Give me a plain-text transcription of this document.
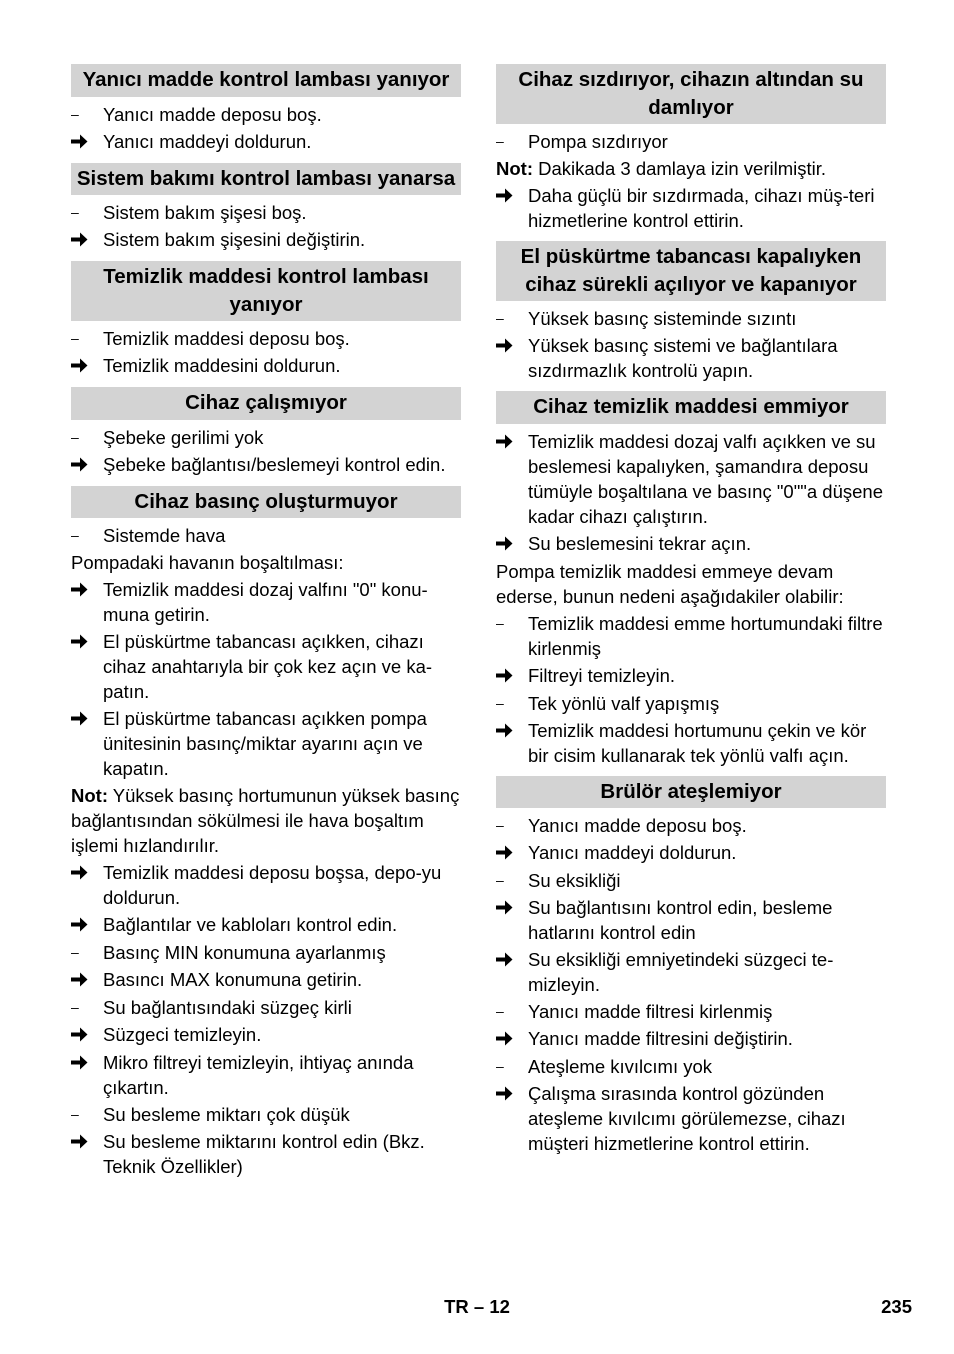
Yanıcı madde kontrol lambası yanıyor
–	Yanıcı madde deposu boş.
Yanıcı maddeyi doldurun.
Sistem bakımı kontrol lambası yanarsa
–	Sistem bakım şişesi boş.
Sistem bakım şişesini değiştirin.
Temizlik maddesi kontrol lambası yanıyor
–	Temizlik maddesi deposu boş.
Temizlik maddesini doldurun.
Cihaz çalışmıyor
–	Şebeke gerilimi yok
Şebeke bağlantısı/beslemeyi kontrol edin.
Cihaz basınç oluşturmuyor
–	Sistemde hava
Pompadaki havanın boşaltılması:
Temizlik maddesi dozaj valfını "0" konu-muna getirin.
El püskürtme tabancası açıkken, cihazı cihaz anahtarıyla bir çok kez açın ve ka-patın.
El püskürtme tabancası açıkken pompa ünitesinin basınç/miktar ayarını açın ve kapatın.
Not: Yüksek basınç hortumunun yüksek basınç bağlantısından sökülmesi ile hava boşaltım işlemi hızlandırılır.
Temizlik maddesi deposu boşsa, depo-yu doldurun.
Bağlantılar ve kabloları kontrol edin.
–	Basınç MIN konumuna ayarlanmış
Basıncı MAX konumuna getirin.
–	Su bağlantısındaki süzgeç kirli
Süzgeci temizleyin.
Mikro filtreyi temizleyin, ihtiyaç anında çıkartın.
–	Su besleme miktarı çok düşük
Su besleme miktarını kontrol edin (Bkz. Teknik Özellikler)
Cihaz sızdırıyor, cihazın altından su damlıyor
–	Pompa sızdırıyor
Not: Dakikada 3 damlaya izin verilmiştir.
Daha güçlü bir sızdırmada, cihazı müş-teri hizmetlerine kontrol ettirin.
El püskürtme tabancası kapalıyken cihaz sürekli açılıyor ve kapanıyor
–	Yüksek basınç sisteminde sızıntı
Yüksek basınç sistemi ve bağlantılara sızdırmazlık kontrolü yapın.
Cihaz temizlik maddesi emmiyor
Temizlik maddesi dozaj valfı açıkken ve su beslemesi kapalıyken, şamandıra deposu tümüyle boşaltılana ve basınç "0""a düşene kadar cihazı çalıştırın.
Su beslemesini tekrar açın.
Pompa temizlik maddesi emmeye devam ederse, bunun nedeni aşağıdakiler olabilir:
–	Temizlik maddesi emme hortumundaki filtre kirlenmiş
Filtreyi temizleyin.
–	Tek yönlü valf yapışmış
Temizlik maddesi hortumunu çekin ve kör bir cisim kullanarak tek yönlü valfı açın.
Brülör ateşlemiyor
–	Yanıcı madde deposu boş.
Yanıcı maddeyi doldurun.
–	Su eksikliği
Su bağlantısını kontrol edin, besleme hatlarını kontrol edin
Su eksikliği emniyetindeki süzgeci te-mizleyin.
–	Yanıcı madde filtresi kirlenmiş
Yanıcı madde filtresini değiştirin.
–	Ateşleme kıvılcımı yok
Çalışma sırasında kontrol gözünden ateşleme kıvılcımı görülemezse, cihazı müşteri hizmetlerine kontrol ettirin.
TR – 12	235
